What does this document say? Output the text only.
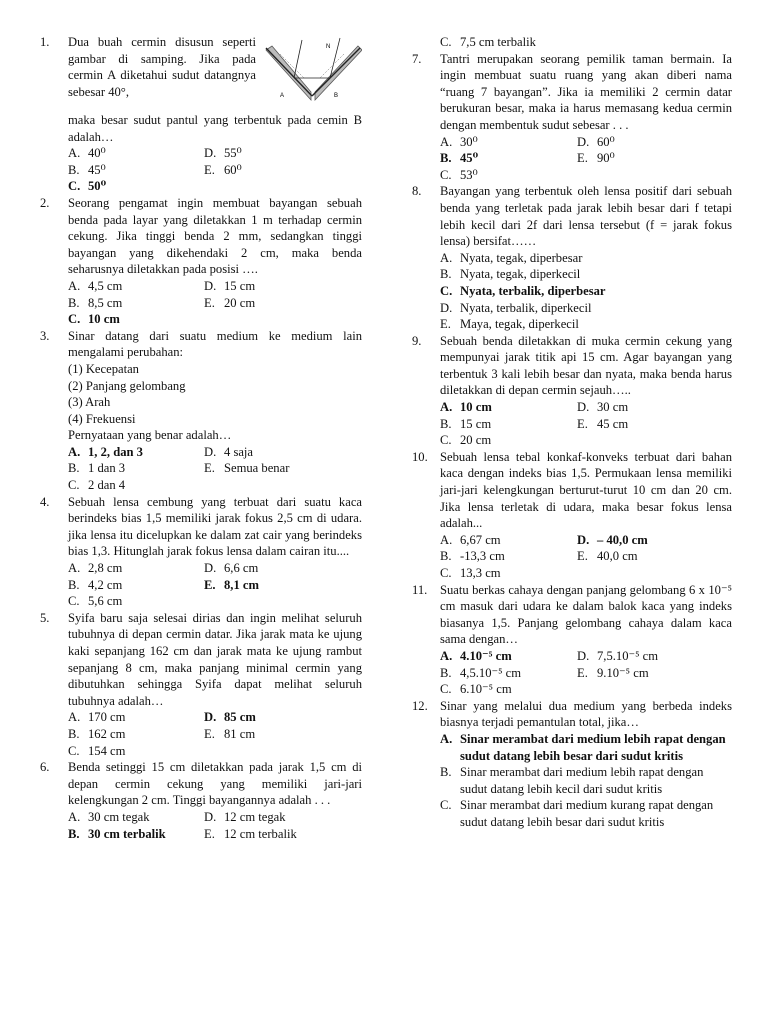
1.
A	B
N
Dua buah cermin disusun seperti gambar di samping. Jika pada cermin A diketahui sudut datangnya sebesar 40°,
maka besar sudut pantul yang terbentuk pada cemin B adalah…
A. 40⁰	D. 55⁰
B. 45⁰	E. 60⁰
C. 50⁰
2. Seorang pengamat ingin membuat bayangan sebuah benda pada layar yang diletakkan 1 m terhadap cermin cekung. Jika tinggi benda 2 mm, sedangkan tinggi bayangan yang dikehendaki 2 cm, maka benda seharusnya diletakkan pada posisi ….
A. 4,5 cm	D. 15 cm
B. 8,5 cm	E. 20 cm
C. 10 cm
3. Sinar datang dari suatu medium ke medium lain mengalami perubahan:
(1) Kecepatan
(2) Panjang gelombang
(3) Arah
(4) Frekuensi
Pernyataan yang benar adalah…
A. 1, 2, dan 3	D. 4 saja
B. 1 dan 3	E. Semua benar
C. 2 dan 4
4. Sebuah lensa cembung yang terbuat dari suatu kaca berindeks bias 1,5 memiliki jarak fokus 2,5 cm di udara. jika lensa itu dicelupkan ke dalam zat cair yang berindeks bias 1,3. Hitunglah jarak fokus lensa dalam cairan itu....
A. 2,8 cm	D. 6,6 cm
B. 4,2 cm	E. 8,1 cm
C. 5,6 cm
5. Syifa baru saja selesai dirias dan ingin melihat seluruh tubuhnya di depan cermin datar. Jika jarak mata ke ujung kaki sepanjang 162 cm dan jarak mata ke ujung rambut sepanjang 8 cm, maka panjang minimal cermin yang dibutuhkan sehingga Syifa dapat melihat seluruh tubuhnya adalah…
A. 170 cm	D. 85 cm
B. 162 cm	E. 81 cm
C. 154 cm
6. Benda setinggi 15 cm diletakkan pada jarak 1,5 cm di depan cermin cekung yang memiliki jari-jari kelengkungan 2 cm. Tinggi bayangannya adalah . . .
A. 30 cm tegak	D. 12 cm tegak
B. 30 cm terbalik	E. 12 cm terbalik
C. 7,5 cm terbalik
7. Tantri merupakan seorang pemilik taman bermain. Ia ingin membuat suatu ruang yang akan diberi nama “ruang 7 bayangan”. Jika ia memiliki 2 cermin datar berukuran besar, maka ia harus memasang kedua cermin dengan membentuk sudut sebesar . . .
A. 30⁰	D. 60⁰
B. 45⁰	E. 90⁰
C. 53⁰
8. Bayangan yang terbentuk oleh lensa positif dari sebuah benda yang terletak pada jarak lebih besar dari f tetapi lebih kecil dari 2f dari lensa tersebut (f = jarak fokus lensa) bersifat……
A. Nyata, tegak, diperbesar
B. Nyata, tegak, diperkecil
C. Nyata, terbalik, diperbesar
D. Nyata, terbalik, diperkecil
E. Maya, tegak, diperkecil
9. Sebuah benda diletakkan di muka cermin cekung yang mempunyai jarak titik api 15 cm. Agar bayangan yang terbentuk 3 kali lebih besar dan nyata, maka benda harus diletakkan di depan cermin sejauh…..
A. 10 cm	D. 30 cm
B. 15 cm	E. 45 cm
C. 20 cm
10. Sebuah lensa tebal konkaf-konveks terbuat dari bahan kaca dengan indeks bias 1,5. Permukaan lensa memiliki jari-jari kelengkungan berturut-turut 10 cm dan 20 cm. Jika lensa terletak di udara, maka besar fokus lensa adalah...
A. 6,67 cm	D. – 40,0 cm
B. -13,3 cm	E. 40,0 cm
C. 13,3 cm
11. Suatu berkas cahaya dengan panjang gelombang 6 x 10⁻⁵ cm masuk dari udara ke dalam balok kaca yang indeks biasanya 1,5. Panjang gelombang cahaya dalam kaca sama dengan…
A. 4.10⁻⁵ cm	D. 7,5.10⁻⁵ cm
B. 4,5.10⁻⁵ cm	E. 9.10⁻⁵ cm
C. 6.10⁻⁵ cm
12. Sinar yang melalui dua medium yang berbeda indeks biasnya terjadi pemantulan total, jika…
A. Sinar merambat dari medium lebih rapat dengan sudut datang lebih besar dari sudut kritis
B. Sinar merambat dari medium lebih rapat dengan sudut datang lebih kecil dari sudut kritis
C. Sinar merambat dari medium kurang rapat dengan sudut datang lebih besar dari sudut kritis
